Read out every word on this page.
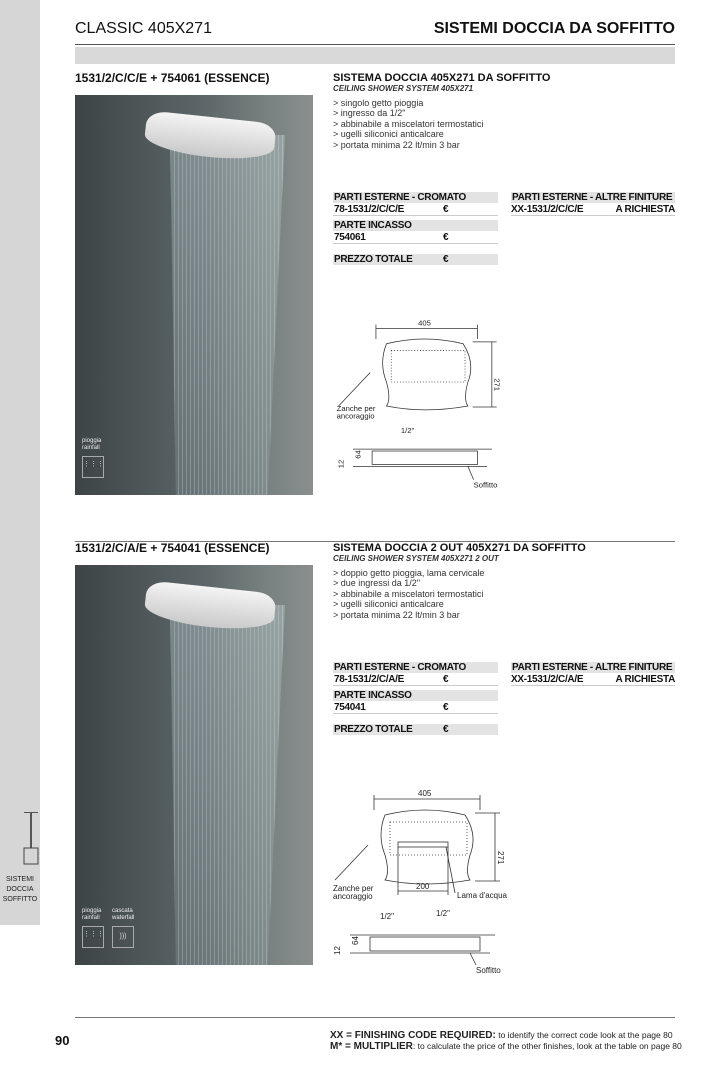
SISTEMI
DOCCIA
SOFFITTO
CLASSIC 405X271	SISTEMI DOCCIA DA SOFFITTO
1531/2/C/C/E + 754061 (ESSENCE)
pioggia
rainfall
⋮⋮⋮
SISTEMA DOCCIA 405X271 DA SOFFITTO
CEILING SHOWER SYSTEM 405X271
> singolo getto pioggia
> ingresso da 1/2"
> abbinabile a miscelatori termostatici
> ugelli siliconici anticalcare
> portata minima 22 lt/min 3 bar
PARTI ESTERNE - CROMATO
78-1531/2/C/C/E	€
PARTE INCASSO
754061	€
PREZZO TOTALE	€
PARTI ESTERNE - ALTRE FINITURE
XX-1531/2/C/C/E	A RICHIESTA
405
271
Zanche per
ancoraggio
1/2"
64
12
Soffitto
1531/2/C/A/E + 754041 (ESSENCE)
pioggia
rainfall
⋮⋮⋮
cascata
waterfall
)))
SISTEMA DOCCIA 2 OUT 405X271 DA SOFFITTO
CEILING SHOWER SYSTEM 405X271 2 OUT
> doppio getto pioggia, lama cervicale
> due ingressi da 1/2"
> abbinabile a miscelatori termostatici
> ugelli siliconici anticalcare
> portata minima 22 lt/min 3 bar
PARTI ESTERNE - CROMATO
78-1531/2/C/A/E	€
PARTE INCASSO
754041	€
PREZZO TOTALE	€
PARTI ESTERNE - ALTRE FINITURE
XX-1531/2/C/A/E	A RICHIESTA
405
271
Zanche per
ancoraggio
200
Lama d'acqua
1/2"
1/2"
64
12
Soffitto
90	XX = FINISHING CODE REQUIRED: to identify the correct code look at the page 80
M* = MULTIPLIER: to calculate the price of the other finishes, look at the table on page 80
